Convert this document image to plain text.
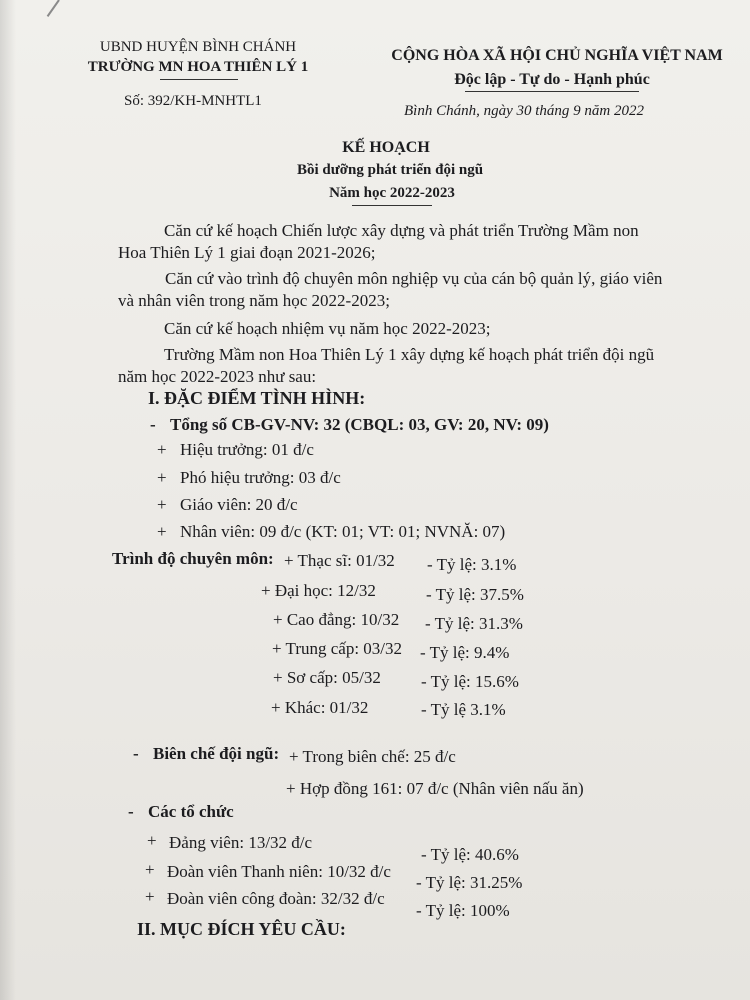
UBND HUYỆN BÌNH CHÁNH
TRƯỜNG MN HOA THIÊN LÝ 1
Số: 392/KH-MNHTL1
CỘNG HÒA XÃ HỘI CHỦ NGHĨA VIỆT NAM
Độc lập - Tự do - Hạnh phúc
Bình Chánh, ngày 30 tháng 9 năm 2022
KẾ HOẠCH
Bồi dưỡng phát triển đội ngũ
Năm học 2022-2023
Căn cứ kế hoạch Chiến lược xây dựng và phát triển Trường Mầm non
Hoa Thiên Lý 1 giai đoạn 2021-2026;
Căn cứ vào trình độ chuyên môn nghiệp vụ của cán bộ quản lý, giáo viên
và nhân viên trong năm học 2022-2023;
Căn cứ kế hoạch nhiệm vụ năm học 2022-2023;
Trường Mầm non Hoa Thiên Lý 1 xây dựng kế hoạch phát triển đội ngũ
năm học 2022-2023 như sau:
I. ĐẶC ĐIỂM TÌNH HÌNH:
- Tổng số CB-GV-NV: 32 (CBQL: 03, GV: 20, NV: 09)
+ Hiệu trưởng: 01 đ/c
+ Phó hiệu trưởng: 03 đ/c
+ Giáo viên: 20 đ/c
+ Nhân viên: 09 đ/c (KT: 01; VT: 01; NVNĂ: 07)
Trình độ chuyên môn: + Thạc sĩ: 01/32 - Tỷ lệ: 3.1%
+ Đại học: 12/32	- Tỷ lệ: 37.5%
+ Cao đẳng: 10/32 - Tỷ lệ: 31.3%
+ Trung cấp: 03/32 - Tỷ lệ: 9.4%
+ Sơ cấp: 05/32 - Tỷ lệ: 15.6%
+ Khác: 01/32	- Tỷ lệ 3.1%
- Biên chế đội ngũ: + Trong biên chế: 25 đ/c
+ Hợp đồng 161: 07 đ/c (Nhân viên nấu ăn)
- Các tổ chức
+ Đảng viên: 13/32 đ/c
- Tỷ lệ: 40.6%
+ Đoàn viên Thanh niên: 10/32 đ/c
- Tỷ lệ: 31.25%
+ Đoàn viên công đoàn: 32/32 đ/c
- Tỷ lệ: 100%
II. MỤC ĐÍCH YÊU CẦU:
